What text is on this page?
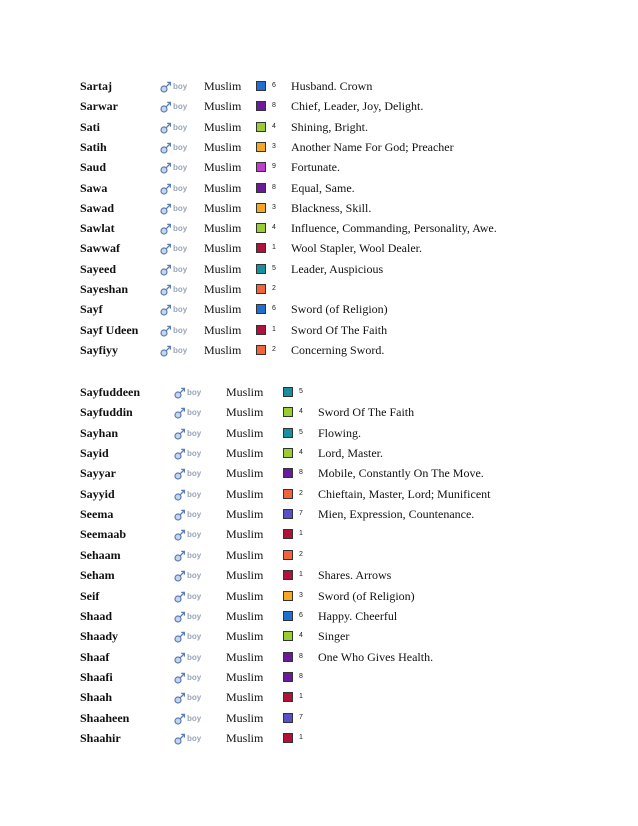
Sartaj	boy Muslim	6 Husband. Crown
Sarwar	boy Muslim	8 Chief, Leader, Joy, Delight.
Sati	boy Muslim	4 Shining, Bright.
Satih	boy Muslim	3 Another Name For God; Preacher
Saud	boy Muslim	9 Fortunate.
Sawa	boy Muslim	8 Equal, Same.
Sawad	boy Muslim	3 Blackness, Skill.
Sawlat	boy Muslim	4 Influence, Commanding, Personality, Awe.
Sawwaf	boy Muslim	1 Wool Stapler, Wool Dealer.
Sayeed	boy Muslim	5 Leader, Auspicious
Sayeshan	boy Muslim	2
Sayf	boy Muslim	6 Sword (of Religion)
Sayf Udeen	boy Muslim	1 Sword Of The Faith
Sayfiyy	boy Muslim	2 Concerning Sword.
Sayfuddeen	boy Muslim	5
Sayfuddin	boy Muslim	4 Sword Of The Faith
Sayhan	boy Muslim	5 Flowing.
Sayid	boy Muslim	4 Lord, Master.
Sayyar	boy Muslim	8 Mobile, Constantly On The Move.
Sayyid	boy Muslim	2 Chieftain, Master, Lord; Munificent
Seema	boy Muslim	7 Mien, Expression, Countenance.
Seemaab	boy Muslim	1
Sehaam	boy Muslim	2
Seham	boy Muslim	1 Shares. Arrows
Seif	boy Muslim	3 Sword (of Religion)
Shaad	boy Muslim	6 Happy. Cheerful
Shaady	boy Muslim	4 Singer
Shaaf	boy Muslim	8 One Who Gives Health.
Shaafi	boy Muslim	8
Shaah	boy Muslim	1
Shaaheen	boy Muslim	7
Shaahir	boy Muslim	1
